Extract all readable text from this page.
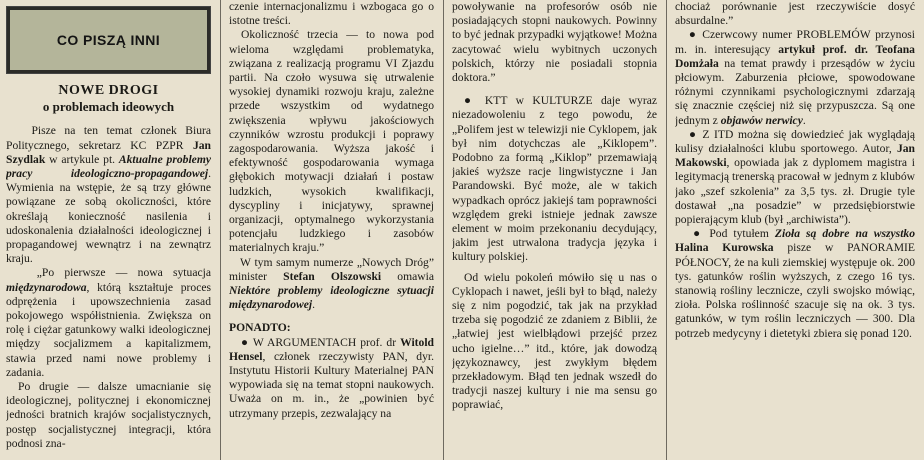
CO PISZĄ INNI
NOWE DROGI
o problemach ideowych

Pisze na ten temat członek Biura Politycznego, sekretarz KC PZPR Jan Szydlak w artykule pt. Aktualne problemy pracy ideologiczno-propagandowej. Wymienia na wstępie, że są trzy główne powiązane ze sobą okoliczności, które określają konieczność nasilenia i udoskonalenia działalności ideologicznej i propagandowej wewnątrz i na zewnątrz kraju.

„Po pierwsze — nowa sytuacja międzynarodowa, którą kształtuje proces odprężenia i upowszechnienia zasad pokojowego współistnienia. Zwiększa on rolę i ciężar gatunkowy walki ideologicznej między socjalizmem a kapitalizmem, stawia przed nami nowe problemy i zadania.

Po drugie — dalsze umacnianie się ideologicznej, politycznej i ekonomicznej jedności bratnich krajów socjalistycznych, postęp socjalistycznej integracji, która podnosi zna-

czenie internacjonalizmu i wzbogaca go o istotne treści.

Okoliczność trzecia — to nowa pod wieloma względami problematyka, związana z realizacją programu VI Zjazdu partii. Na czoło wysuwa się utrwalenie wysokiej dynamiki rozwoju kraju, zależne przede wszystkim od wydatnego zwiększenia wpływu jakościowych czynników wzrostu produkcji i poprawy zagospodarowania. Wyższa jakość i efektywność gospodarowania wymaga głębokich motywacji działań i postaw ludzkich, wysokich kwalifikacji, dyscypliny i inicjatywy, sprawnej organizacji, optymalnego wykorzystania potencjału ludzkiego i zasobów materialnych kraju.”

W tym samym numerze „Nowych Dróg” minister Stefan Olszowski omawia Niektóre problemy ideologiczne sytuacji międzynarodowej.

PONADTO:

● W ARGUMENTACH prof. dr Witold Hensel, członek rzeczywisty PAN, dyr. Instytutu Historii Kultury Materialnej PAN wypowiada się na temat stopni naukowych. Uważa on m. in., że „powinien być utrzymany przepis, zezwalający na

powoływanie na profesorów osób nie posiadających stopni naukowych. Powinny to być jednak przypadki wyjątkowe! Można zacytować wielu wybitnych uczonych polskich, którzy nie posiadali stopnia doktora.”

● KTT w KULTURZE daje wyraz niezadowoleniu z tego powodu, że „Polifem jest w telewizji nie Cyklopem, jak był nim dotychczas ale „Kiklopem”. Podobno za formą „Kiklop” przemawiają jakieś wyższe racje lingwistyczne i Jan Parandowski. Być może, ale w takich wypadkach oprócz jakiejś tam poprawności względem greki istnieje jednak zawsze element w moim przekonaniu decydujący, jakim jest utrwalona tradycja języka i kultury polskiej.

Od wielu pokoleń mówiło się u nas o Cyklopach i nawet, jeśli był to błąd, należy się z nim pogodzić, tak jak na przykład trzeba się pogodzić ze zdaniem z Biblii, że „łatwiej jest wielbłądowi przejść przez ucho igielne…” itd., które, jak dowodzą językoznawcy, jest zwykłym błędem przekładowym. Błąd ten jednak wszedł do tradycji naszej kultury i nie ma sensu go poprawiać,

chociaż porównanie jest rzeczywiście dosyć absurdalne.”

● Czerwcowy numer PROBLEMÓW przynosi m. in. interesujący artykuł prof. dr. Teofana Domżała na temat prawdy i przesądów w życiu płciowym. Zaburzenia płciowe, spowodowane różnymi czynnikami psychologicznymi zdarzają się znacznie częściej niż się przypuszcza. Są one jednym z objawów nerwicy.

● Z ITD można się dowiedzieć jak wyglądają kulisy działalności klubu sportowego. Autor, Jan Makowski, opowiada jak z dyplomem magistra i legitymacją trenerską pracował w jednym z klubów jako „szef szkolenia” za 3,5 tys. zł. Drugie tyle dostawał „na posadzie” w przedsiębiorstwie popierającym klub (był „archiwista”).

● Pod tytułem Zioła są dobre na wszystko Halina Kurowska pisze w PANORAMIE PÓŁNOCY, że na kuli ziemskiej występuje ok. 200 tys. gatunków roślin wyższych, z czego 16 tys. stanowią rośliny lecznicze, czyli swojsko mówiąc, zioła. Polska roślinność szacuje się na ok. 3 tys. gatunków, w tym roślin leczniczych — 300. Dla potrzeb medycyny i dietetyki zbiera się ponad 120.
